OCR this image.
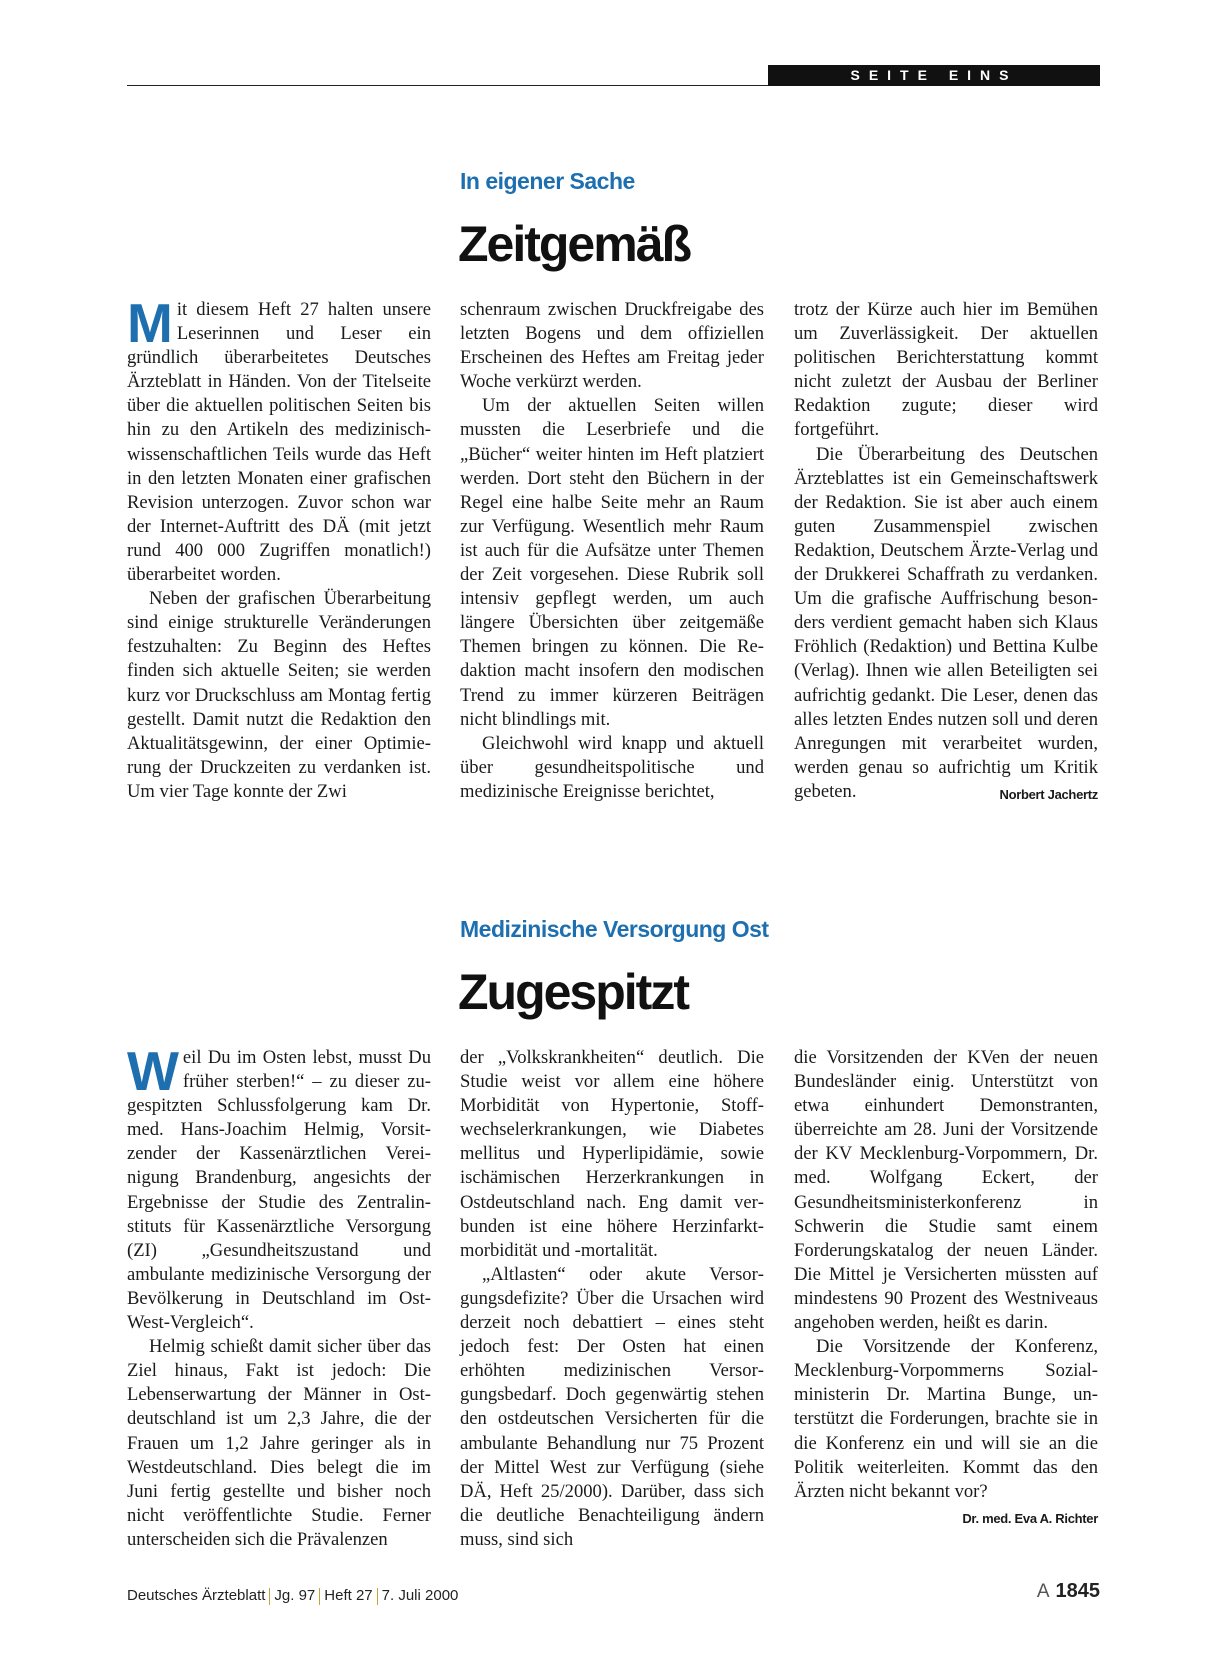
SEITE EINS
In eigener Sache
Zeitgemäß

Mit diesem Heft 27 halten unsere Leserinnen und Leser ein gründlich überarbeitetes Deutsches Ärzteblatt in Händen. Von der Titelseite über die aktuellen politischen Seiten bis hin zu den Artikeln des medizinisch-wissenschaftlichen Teils wurde das Heft in den letzten Monaten einer grafischen Revision unterzogen. Zuvor schon war der Internet-Auftritt des DÄ (mit jetzt rund 400 000 Zugriffen monatlich!) überarbeitet worden.

Neben der grafischen Überarbeitung sind einige strukturelle Veränderungen festzuhalten: Zu Beginn des Heftes finden sich aktuelle Seiten; sie werden kurz vor Druckschluss am Montag fertig gestellt. Damit nutzt die Redaktion den Aktualitätsgewinn, der einer Optimierung der Druckzeiten zu verdanken ist. Um vier Tage konnte der Zwi

schenraum zwischen Druckfreigabe des letzten Bogens und dem offiziellen Erscheinen des Heftes am Freitag jeder Woche verkürzt werden.

Um der aktuellen Seiten willen mussten die Leserbriefe und die „Bücher“ weiter hinten im Heft platziert werden. Dort steht den Büchern in der Regel eine halbe Seite mehr an Raum zur Verfügung. Wesentlich mehr Raum ist auch für die Aufsätze unter Themen der Zeit vorgesehen. Diese Rubrik soll intensiv gepflegt werden, um auch längere Übersichten über zeitgemäße Themen bringen zu können. Die Redaktion macht insofern den modischen Trend zu immer kürzeren Beiträgen nicht blindlings mit.

Gleichwohl wird knapp und aktuell über gesundheitspolitische und medizinische Ereignisse berichtet,

trotz der Kürze auch hier im Bemühen um Zuverlässigkeit. Der aktuellen politischen Berichterstattung kommt nicht zuletzt der Ausbau der Berliner Redaktion zugute; dieser wird fortgeführt.

Die Überarbeitung des Deutschen Ärzteblattes ist ein Gemeinschaftswerk der Redaktion. Sie ist aber auch einem guten Zusammenspiel zwischen Redaktion, Deutschem Ärzte-Verlag und der Drukkerei Schaffrath zu verdanken. Um die grafische Auffrischung besonders verdient gemacht haben sich Klaus Fröhlich (Redaktion) und Bettina Kulbe (Verlag). Ihnen wie allen Beteiligten sei aufrichtig gedankt. Die Leser, denen das alles letzten Endes nutzen soll und deren Anregungen mit verarbeitet wurden, werden genau so aufrichtig um Kritik gebeten.	Norbert Jachertz

Medizinische Versorgung Ost
Zugespitzt

Weil Du im Osten lebst, musst Du früher sterben!“ – zu dieser zugespitzten Schlussfolgerung kam Dr. med. Hans-Joachim Helmig, Vorsitzender der Kassenärztlichen Vereinigung Brandenburg, angesichts der Ergebnisse der Studie des Zentralinstituts für Kassenärztliche Versorgung (ZI) „Gesundheitszustand und ambulante medizinische Versorgung der Bevölkerung in Deutschland im Ost-West-Vergleich“.

Helmig schießt damit sicher über das Ziel hinaus, Fakt ist jedoch: Die Lebenserwartung der Männer in Ostdeutschland ist um 2,3 Jahre, die der Frauen um 1,2 Jahre geringer als in Westdeutschland. Dies belegt die im Juni fertig gestellte und bisher noch nicht veröffentlichte Studie. Ferner unterscheiden sich die Prävalenzen

der „Volkskrankheiten“ deutlich. Die Studie weist vor allem eine höhere Morbidität von Hypertonie, Stoffwechselerkrankungen, wie Diabetes mellitus und Hyperlipidämie, sowie ischämischen Herzerkrankungen in Ostdeutschland nach. Eng damit verbunden ist eine höhere Herzinfarktmorbidität und -mortalität.

„Altlasten“ oder akute Versorgungsdefizite? Über die Ursachen wird derzeit noch debattiert – eines steht jedoch fest: Der Osten hat einen erhöhten medizinischen Versorgungsbedarf. Doch gegenwärtig stehen den ostdeutschen Versicherten für die ambulante Behandlung nur 75 Prozent der Mittel West zur Verfügung (siehe DÄ, Heft 25/2000). Darüber, dass sich die deutliche Benachteiligung ändern muss, sind sich

die Vorsitzenden der KVen der neuen Bundesländer einig. Unterstützt von etwa einhundert Demonstranten, überreichte am 28. Juni der Vorsitzende der KV Mecklenburg-Vorpommern, Dr. med. Wolfgang Eckert, der Gesundheitsministerkonferenz in Schwerin die Studie samt einem Forderungskatalog der neuen Länder. Die Mittel je Versicherten müssten auf mindestens 90 Prozent des Westniveaus angehoben werden, heißt es darin.

Die Vorsitzende der Konferenz, Mecklenburg-Vorpommerns Sozialministerin Dr. Martina Bunge, unterstützt die Forderungen, brachte sie in die Konferenz ein und will sie an die Politik weiterleiten. Kommt das den Ärzten nicht bekannt vor?
Dr. med. Eva A. Richter

Deutsches Ärzteblatt Jg. 97 Heft 27 7. Juli 2000	A 1845
